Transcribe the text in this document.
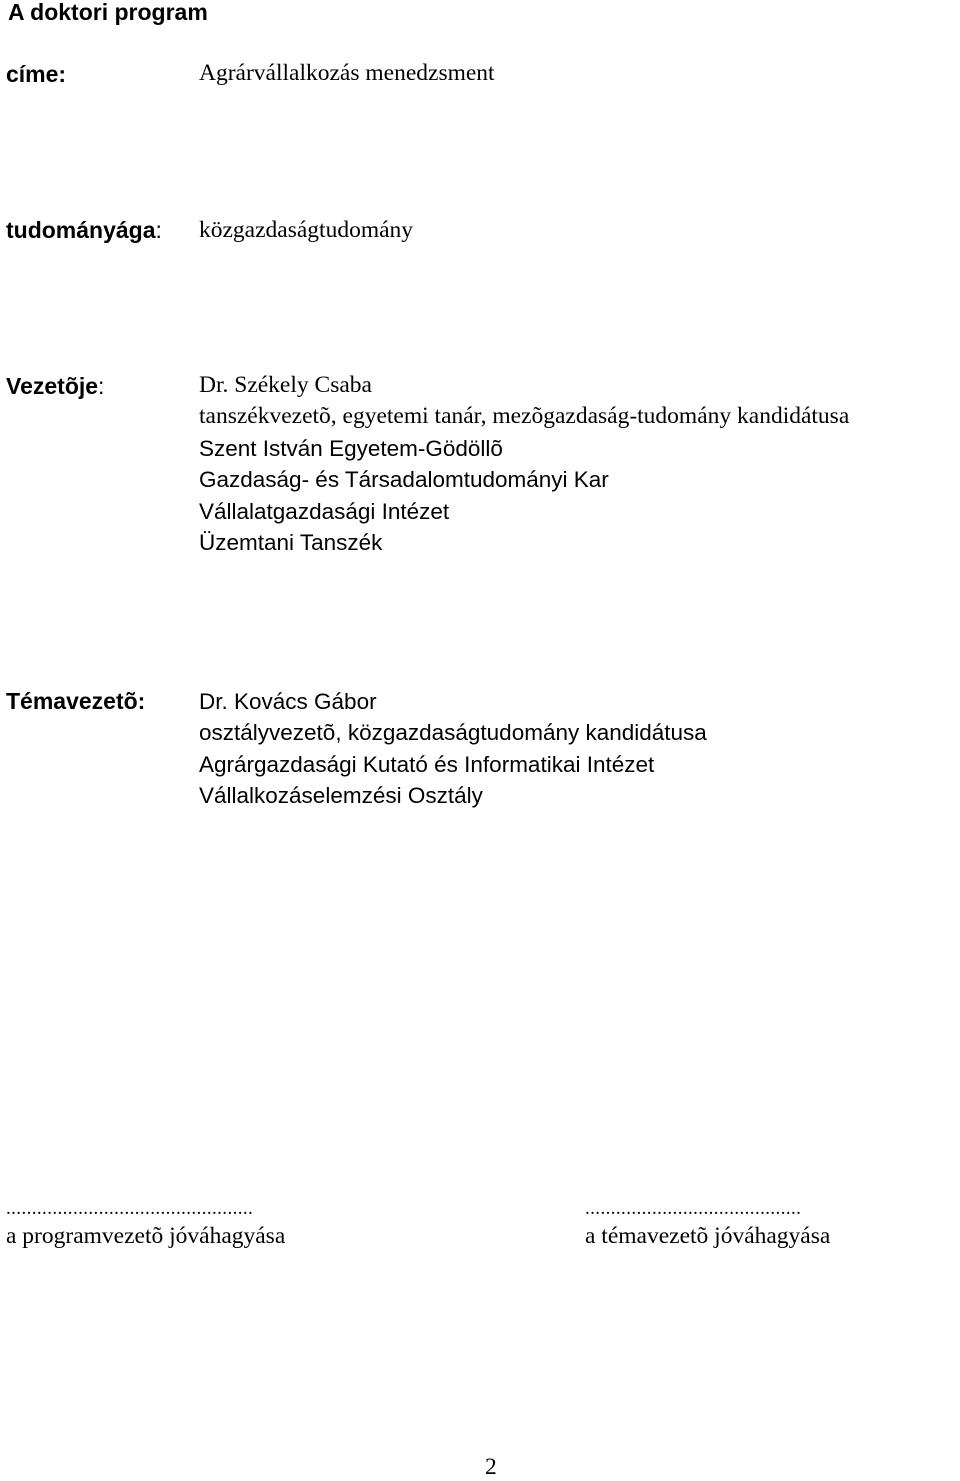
A doktori program
címe:	Agrárvállalkozás menedzsment
tudományága: közgazdaságtudomány
Vezetõje:	Dr. Székely Csaba
tanszékvezetõ, egyetemi tanár, mezõgazdaság-tudomány kandidátusa
Szent István Egyetem-Gödöllõ
Gazdaság- és Társadalomtudományi Kar
Vállalatgazdasági Intézet
Üzemtani Tanszék
Témavezetõ: Dr. Kovács Gábor
osztályvezetõ, közgazdaságtudomány kandidátusa
Agrárgazdasági Kutató és Informatikai Intézet
Vállalkozáselemzési Osztály
................................................
a programvezetõ jóváhagyása
..........................................
a témavezetõ jóváhagyása
2
